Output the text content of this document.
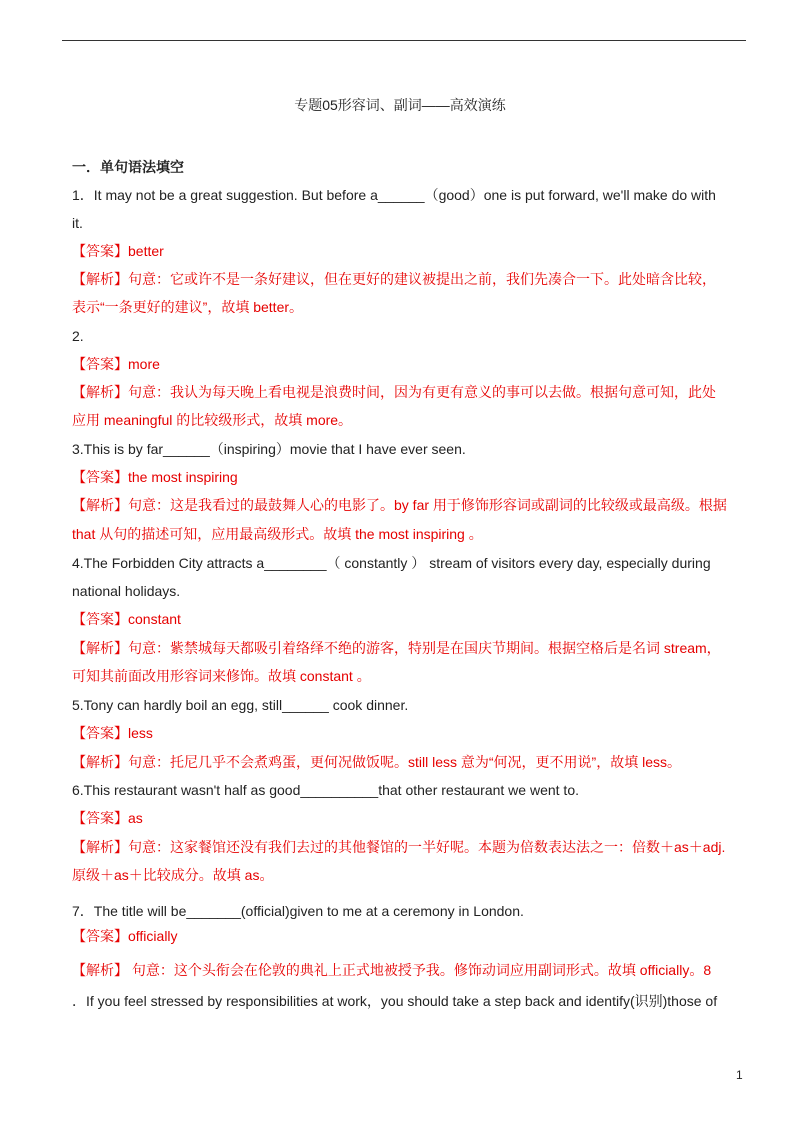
专题05形容词、副词——高效演练
一．单句语法填空
1．It may not be a great suggestion. But before a______（good）one is put forward, we'll make do with
it.
【答案】better
【解析】句意：它或许不是一条好建议，但在更好的建议被提出之前，我们先凑合一下。此处暗含比较，
表示“一条更好的建议”，故填 better。
2.
【答案】more
【解析】句意：我认为每天晚上看电视是浪费时间，因为有更有意义的事可以去做。根据句意可知，此处
应用 meaningful 的比较级形式，故填 more。
3.This is by far______（inspiring）movie that I have ever seen.
【答案】the most inspiring
【解析】句意：这是我看过的最鼓舞人心的电影了。by far 用于修饰形容词或副词的比较级或最高级。根据
that 从句的描述可知，应用最高级形式。故填 the most inspiring 。
4.The Forbidden City attracts a________（ constantly ） stream of visitors every day, especially during
national holidays.
【答案】constant
【解析】句意：紫禁城每天都吸引着络绎不绝的游客，特别是在国庆节期间。根据空格后是名词 stream，
可知其前面改用形容词来修饰。故填 constant 。
5.Tony can hardly boil an egg, still______ cook dinner.
【答案】less
【解析】句意：托尼几乎不会煮鸡蛋，更何况做饭呢。still less 意为“何况，更不用说”，故填 less。
6.This restaurant wasn't half as good__________that other restaurant we went to.
【答案】as
【解析】句意：这家餐馆还没有我们去过的其他餐馆的一半好呢。本题为倍数表达法之一：倍数＋as＋adj.
原级＋as＋比较成分。故填 as。
7．The title will be_______(official)given to me at a ceremony in London.
【答案】officially
【解析】 句意：这个头衔会在伦敦的典礼上正式地被授予我。修饰动词应用副词形式。故填 officially。8
．If you feel stressed by responsibilities at work，you should take a step back and identify(识别)those of
1
